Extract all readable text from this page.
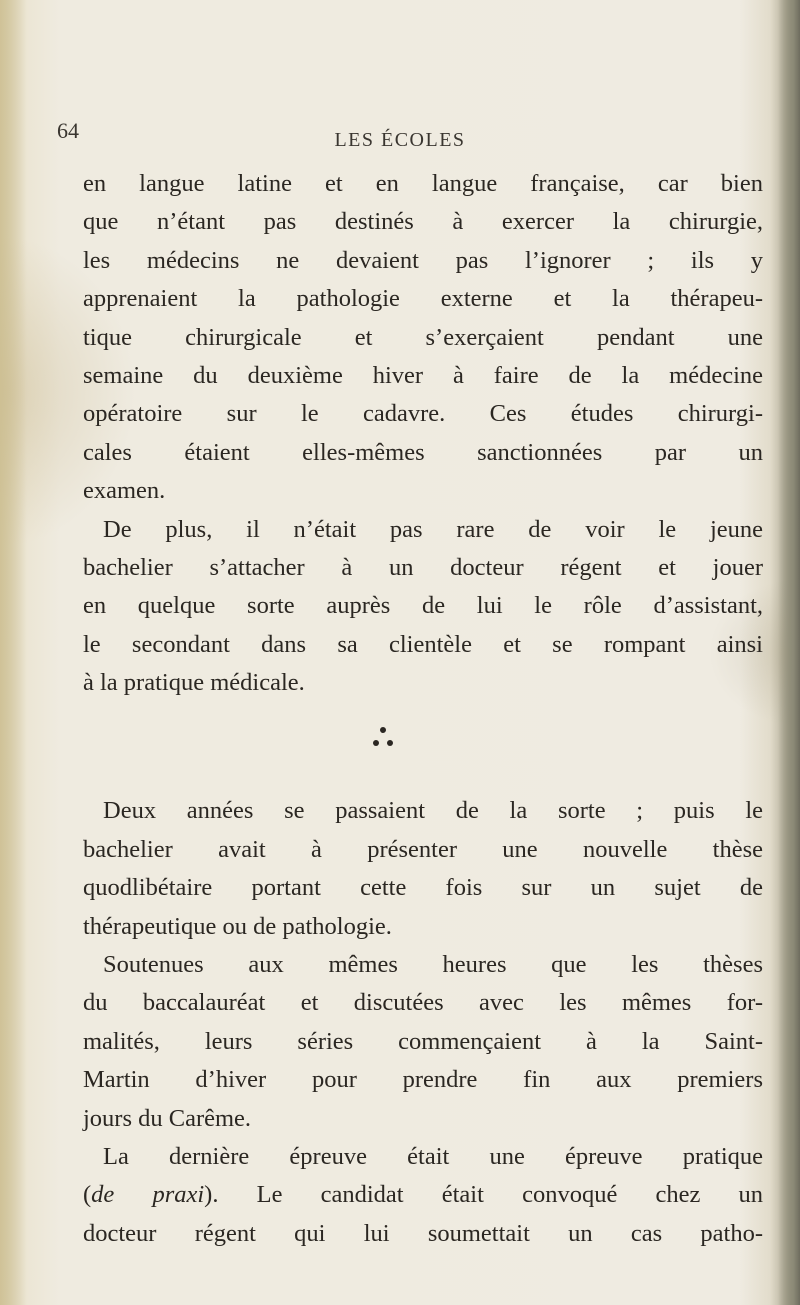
64	LES ÉCOLES
en langue latine et en langue française, car bien
que n’étant pas destinés à exercer la chirurgie,
les médecins ne devaient pas l’ignorer ; ils y
apprenaient la pathologie externe et la thérapeu-
tique chirurgicale et s’exerçaient pendant une
semaine du deuxième hiver à faire de la médecine
opératoire sur le cadavre. Ces études chirurgi-
cales étaient elles-mêmes sanctionnées par un
examen.
De plus, il n’était pas rare de voir le jeune
bachelier s’attacher à un docteur régent et jouer
en quelque sorte auprès de lui le rôle d’assistant,
le secondant dans sa clientèle et se rompant ainsi
à la pratique médicale.
Deux années se passaient de la sorte ; puis le
bachelier avait à présenter une nouvelle thèse
quodlibétaire portant cette fois sur un sujet de
thérapeutique ou de pathologie.
Soutenues aux mêmes heures que les thèses
du baccalauréat et discutées avec les mêmes for-
malités, leurs séries commençaient à la Saint-
Martin d’hiver pour prendre fin aux premiers
jours du Carême.
La dernière épreuve était une épreuve pratique
(de praxi). Le candidat était convoqué chez un
docteur régent qui lui soumettait un cas patho-
